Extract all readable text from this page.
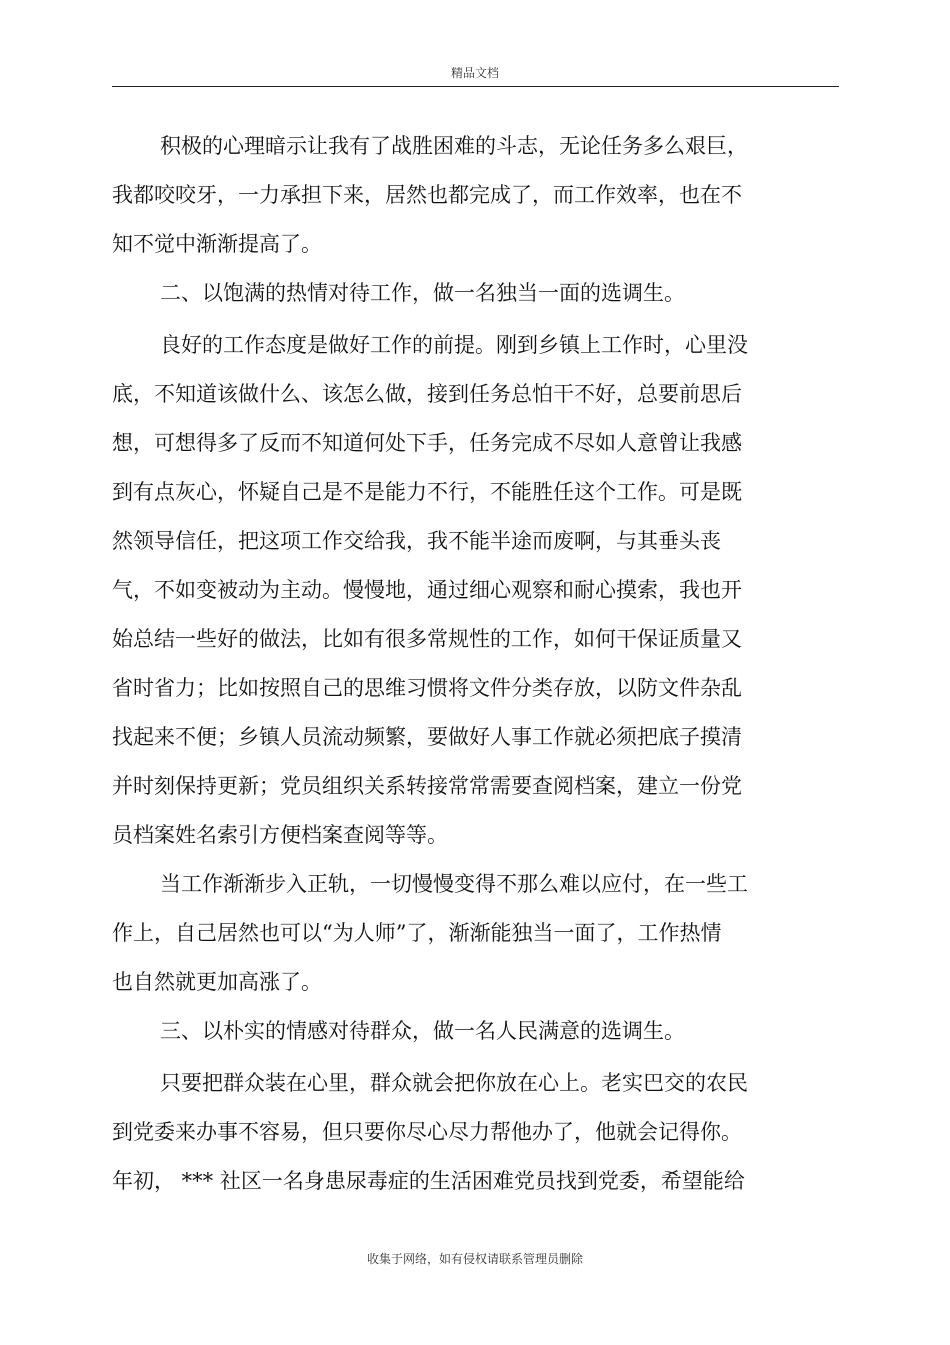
精品文档
积极的心理暗示让我有了战胜困难的斗志，无论任务多么艰巨，
我都咬咬牙，一力承担下来，居然也都完成了，而工作效率，也在不
知不觉中渐渐提高了。
二、以饱满的热情对待工作，做一名独当一面的选调生。
良好的工作态度是做好工作的前提。刚到乡镇上工作时，心里没
底，不知道该做什么、该怎么做，接到任务总怕干不好，总要前思后
想，可想得多了反而不知道何处下手，任务完成不尽如人意曾让我感
到有点灰心，怀疑自己是不是能力不行，不能胜任这个工作。可是既
然领导信任，把这项工作交给我，我不能半途而废啊，与其垂头丧
气，不如变被动为主动。慢慢地，通过细心观察和耐心摸索，我也开
始总结一些好的做法，比如有很多常规性的工作，如何干保证质量又
省时省力；比如按照自己的思维习惯将文件分类存放，以防文件杂乱
找起来不便；乡镇人员流动频繁，要做好人事工作就必须把底子摸清
并时刻保持更新；党员组织关系转接常常需要查阅档案，建立一份党
员档案姓名索引方便档案查阅等等。
当工作渐渐步入正轨，一切慢慢变得不那么难以应付，在一些工
作上，自己居然也可以“为人师”了，渐渐能独当一面了，工作热情
也自然就更加高涨了。
三、以朴实的情感对待群众，做一名人民满意的选调生。
只要把群众装在心里，群众就会把你放在心上。老实巴交的农民
到党委来办事不容易，但只要你尽心尽力帮他办了，他就会记得你。
年初， *** 社区一名身患尿毒症的生活困难党员找到党委，希望能给
收集于网络，如有侵权请联系管理员删除
